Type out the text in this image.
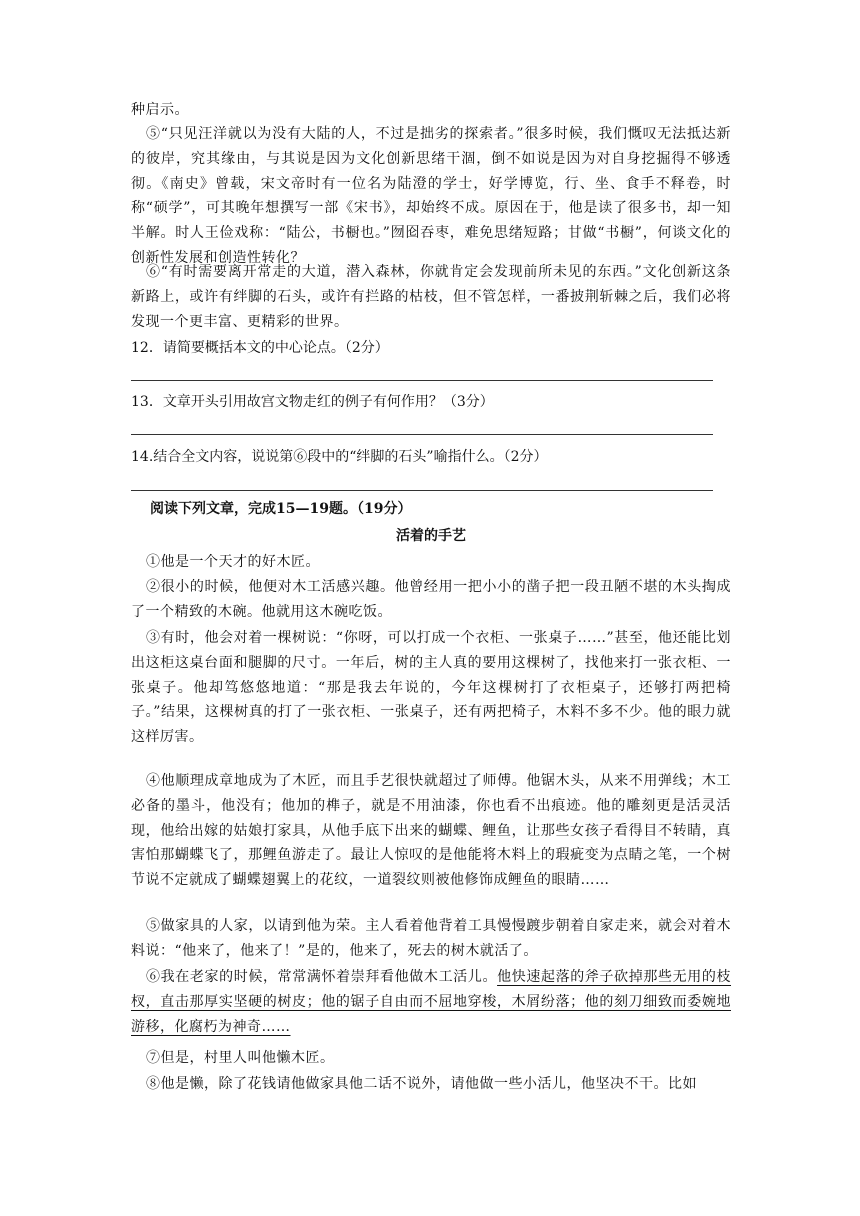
种启示。

⑤“只见汪洋就以为没有大陆的人，不过是拙劣的探索者。”很多时候，我们慨叹无法抵达新的彼岸，究其缘由，与其说是因为文化创新思绪干涸，倒不如说是因为对自身挖掘得不够透彻。《南史》曾载，宋文帝时有一位名为陆澄的学士，好学博览，行、坐、食手不释卷，时称“硕学”，可其晚年想撰写一部《宋书》，却始终不成。原因在于，他是读了很多书，却一知半解。时人王俭戏称：“陆公，书橱也。”囫囵吞枣，难免思绪短路；甘做“书橱”，何谈文化的创新性发展和创造性转化？

⑥“有时需要离开常走的大道，潜入森林，你就肯定会发现前所未见的东西。”文化创新这条新路上，或许有绊脚的石头，或许有拦路的枯枝，但不管怎样，一番披荆斩棘之后，我们必将发现一个更丰富、更精彩的世界。

12．请简要概括本文的中心论点。（2分）

13．文章开头引用故宫文物走红的例子有何作用？（3分）

14.结合全文内容，说说第⑥段中的“绊脚的石头”喻指什么。（2分）

阅读下列文章，完成15—19题。（19分）

活着的手艺

①他是一个天才的好木匠。

②很小的时候，他便对木工活感兴趣。他曾经用一把小小的凿子把一段丑陋不堪的木头掏成了一个精致的木碗。他就用这木碗吃饭。

③有时，他会对着一棵树说：“你呀，可以打成一个衣柜、一张桌子……”甚至，他还能比划出这柜这桌台面和腿脚的尺寸。一年后，树的主人真的要用这棵树了，找他来打一张衣柜、一张桌子。他却笃悠悠地道：“那是我去年说的，今年这棵树打了衣柜桌子，还够打两把椅子。”结果，这棵树真的打了一张衣柜、一张桌子，还有两把椅子，木料不多不少。他的眼力就这样厉害。

④他顺理成章地成为了木匠，而且手艺很快就超过了师傅。他锯木头，从来不用弹线；木工必备的墨斗，他没有；他加的榫子，就是不用油漆，你也看不出痕迹。他的雕刻更是活灵活现，他给出嫁的姑娘打家具，从他手底下出来的蝴蝶、鲤鱼，让那些女孩子看得目不转睛，真害怕那蝴蝶飞了，那鲤鱼游走了。最让人惊叹的是他能将木料上的瑕疵变为点睛之笔，一个树节说不定就成了蝴蝶翅翼上的花纹，一道裂纹则被他修饰成鲤鱼的眼睛……

⑤做家具的人家，以请到他为荣。主人看着他背着工具慢慢踱步朝着自家走来，就会对着木料说：“他来了，他来了！”是的，他来了，死去的树木就活了。

⑥我在老家的时候，常常满怀着崇拜看他做木工活儿。他快速起落的斧子砍掉那些无用的枝杈，直击那厚实坚硬的树皮；他的锯子自由而不屈地穿梭，木屑纷落；他的刻刀细致而委婉地游移，化腐朽为神奇……

⑦但是，村里人叫他懒木匠。

⑧他是懒，除了花钱请他做家具他二话不说外，请他做一些小活儿，他坚决不干。比如
